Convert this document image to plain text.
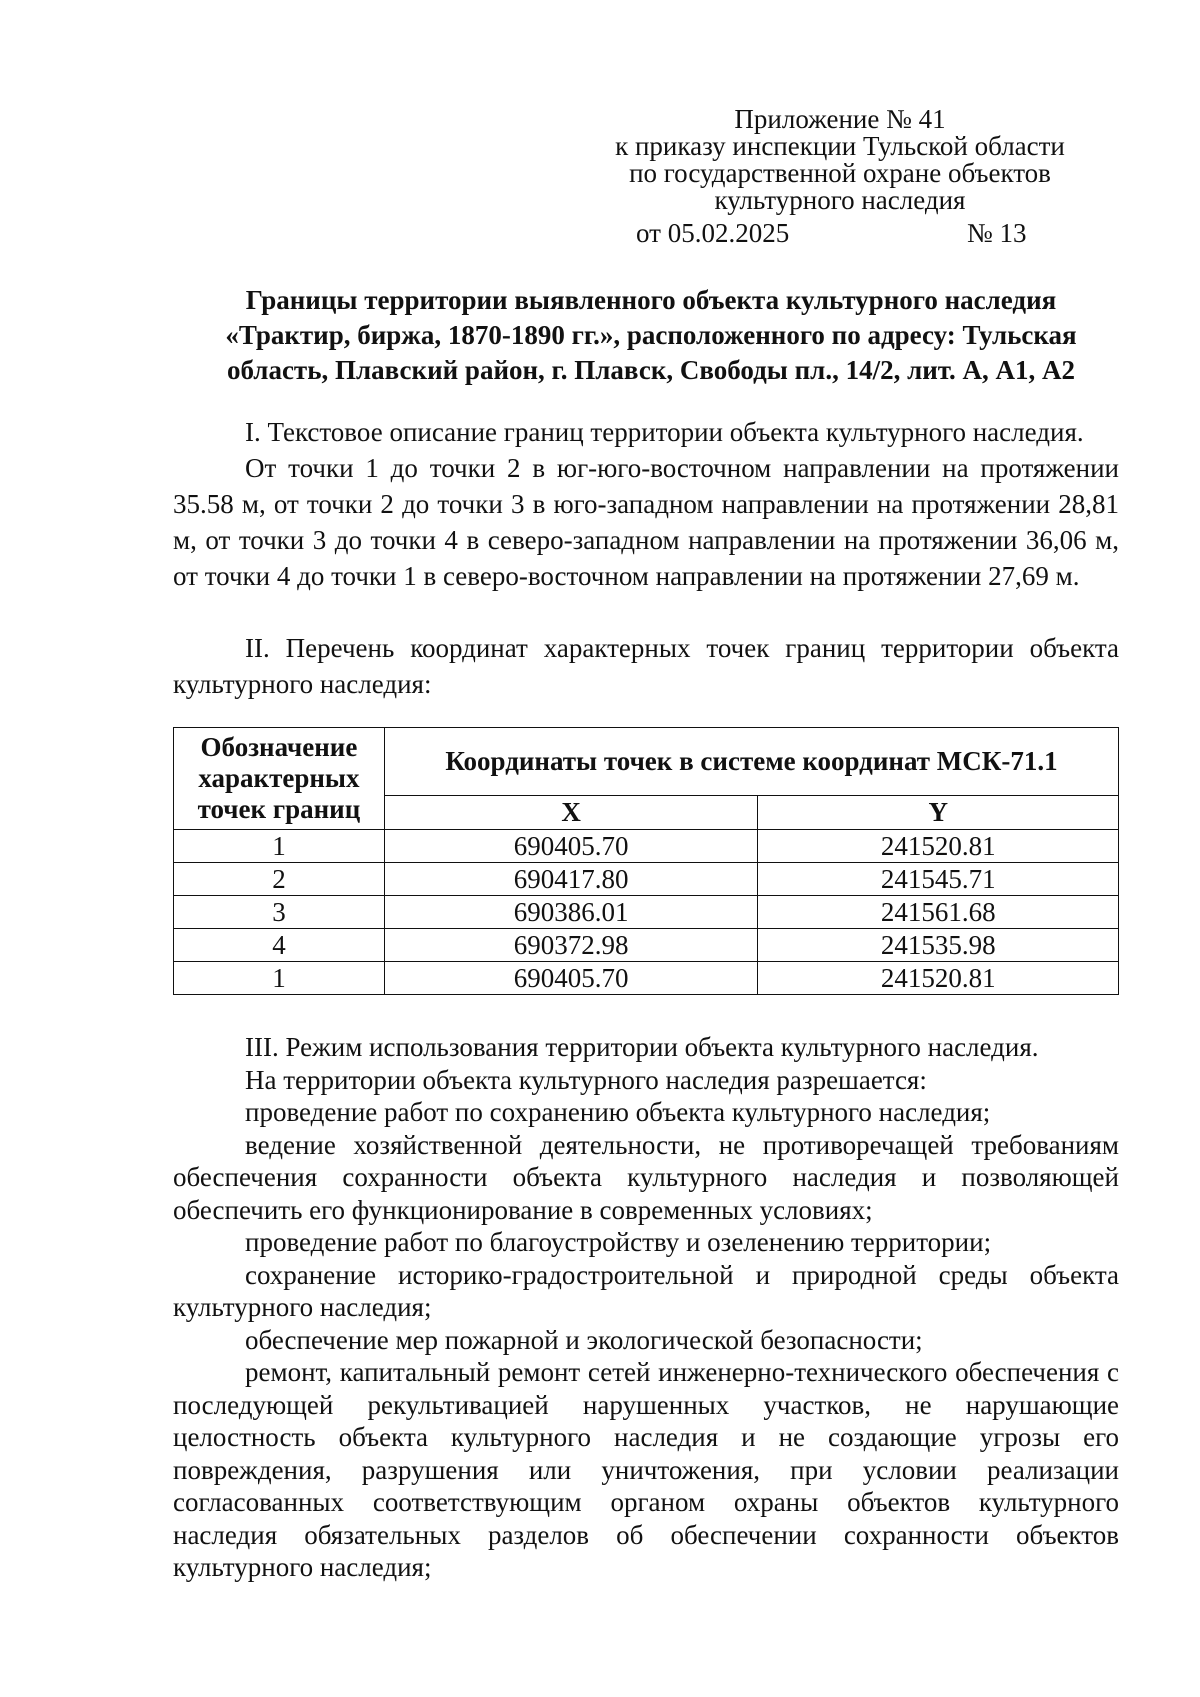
Приложение № 41
к приказу инспекции Тульской области
по государственной охране объектов
культурного наследия
от 05.02.2025	№ 13
Границы территории выявленного объекта культурного наследия
«Трактир, биржа, 1870-1890 гг.», расположенного по адресу: Тульская
область, Плавский район, г. Плавск, Свободы пл., 14/2, лит. А, А1, А2

I. Текстовое описание границ территории объекта культурного наследия.

От точки 1 до точки 2 в юг-юго-восточном направлении на протяжении 35.58 м, от точки 2 до точки 3 в юго-западном направлении на протяжении 28,81 м, от точки 3 до точки 4 в северо-западном направлении на протяжении 36,06 м, от точки 4 до точки 1 в северо-восточном направлении на протяжении 27,69 м.

II. Перечень координат характерных точек границ территории объекта культурного наследия:

Обозначение характерных точек границ	Координаты точек в системе координат МСК-71.1	
	X	Y
1	690405.70	241520.81
2	690417.80	241545.71
3	690386.01	241561.68
4	690372.98	241535.98
1	690405.70	241520.81

III. Режим использования территории объекта культурного наследия.

На территории объекта культурного наследия разрешается:

проведение работ по сохранению объекта культурного наследия;

ведение хозяйственной деятельности, не противоречащей требованиям обеспечения сохранности объекта культурного наследия и позволяющей обеспечить его функционирование в современных условиях;

проведение работ по благоустройству и озеленению территории;

сохранение историко-градостроительной и природной среды объекта культурного наследия;

обеспечение мер пожарной и экологической безопасности;

ремонт, капитальный ремонт сетей инженерно-технического обеспечения с последующей рекультивацией нарушенных участков, не нарушающие целостность объекта культурного наследия и не создающие угрозы его повреждения, разрушения или уничтожения, при условии реализации согласованных соответствующим органом охраны объектов культурного наследия обязательных разделов об обеспечении сохранности объектов культурного наследия;
